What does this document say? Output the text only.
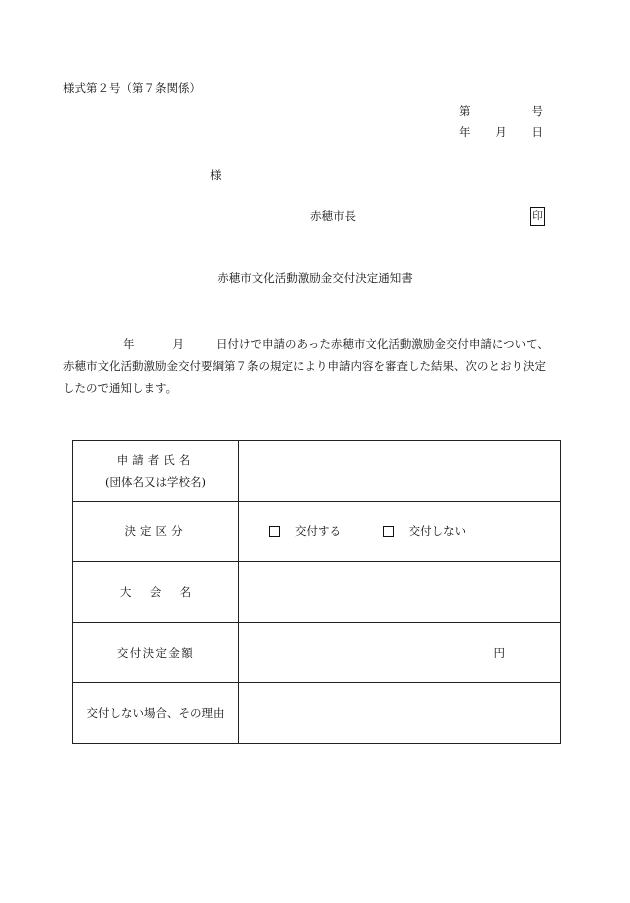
様式第２号（第７条関係）
第	号
年 月 日
様
赤穂市長	印
赤穂市文化活動激励金交付決定通知書
年	月	日付けで申請のあった赤穂市文化活動激励金交付申請について、
赤穂市文化活動激励金交付要綱第７条の規定により申請内容を審査した結果、次のとおり決定
したので通知します。
申請者氏名
(団体名又は学校名)	

決定区分	交付する 交付しない
大会名	
交付決定金額	円
交付しない場合、その理由	
